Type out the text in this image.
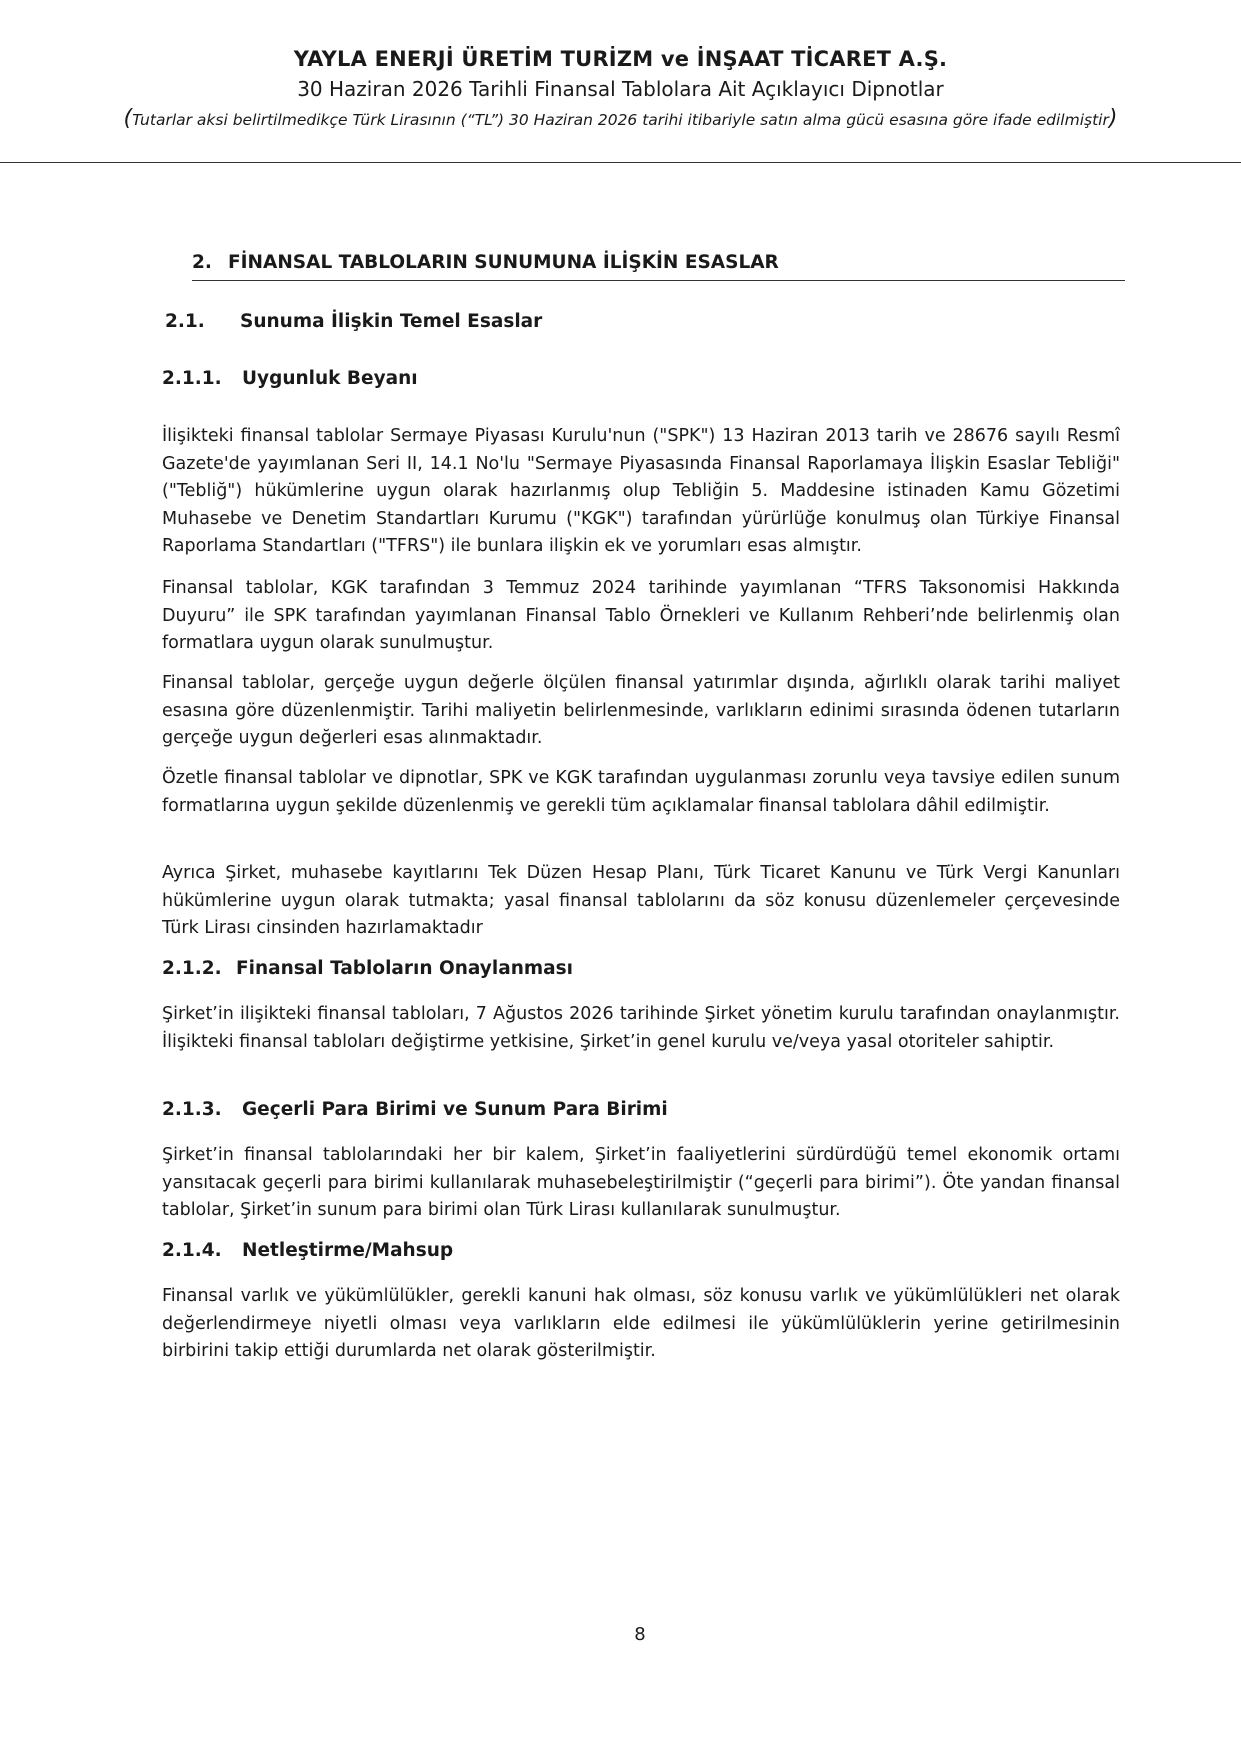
YAYLA ENERJİ ÜRETİM TURİZM ve İNŞAAT TİCARET A.Ş.
30 Haziran 2026 Tarihli Finansal Tablolara Ait Açıklayıcı Dipnotlar
(Tutarlar aksi belirtilmedikçe Türk Lirasının (“TL”) 30 Haziran 2026 tarihi itibariyle satın alma gücü esasına göre ifade edilmiştir)
2. FİNANSAL TABLOLARIN SUNUMUNA İLİŞKİN ESASLAR
2.1. Sunuma İlişkin Temel Esaslar
2.1.1. Uygunluk Beyanı

İlişikteki finansal tablolar Sermaye Piyasası Kurulu'nun ("SPK") 13 Haziran 2013 tarih ve 28676 sayılı Resmî Gazete'de yayımlanan Seri II, 14.1 No'lu "Sermaye Piyasasında Finansal Raporlamaya İlişkin Esaslar Tebliği" ("Tebliğ") hükümlerine uygun olarak hazırlanmış olup Tebliğin 5. Maddesine istinaden Kamu Gözetimi Muhasebe ve Denetim Standartları Kurumu ("KGK") tarafından yürürlüğe konulmuş olan Türkiye Finansal Raporlama Standartları ("TFRS") ile bunlara ilişkin ek ve yorumları esas almıştır.

Finansal tablolar, KGK tarafından 3 Temmuz 2024 tarihinde yayımlanan “TFRS Taksonomisi Hakkında Duyuru” ile SPK tarafından yayımlanan Finansal Tablo Örnekleri ve Kullanım Rehberi’nde belirlenmiş olan formatlara uygun olarak sunulmuştur.

Finansal tablolar, gerçeğe uygun değerle ölçülen finansal yatırımlar dışında, ağırlıklı olarak tarihi maliyet esasına göre düzenlenmiştir. Tarihi maliyetin belirlenmesinde, varlıkların edinimi sırasında ödenen tutarların gerçeğe uygun değerleri esas alınmaktadır.

Özetle finansal tablolar ve dipnotlar, SPK ve KGK tarafından uygulanması zorunlu veya tavsiye edilen sunum formatlarına uygun şekilde düzenlenmiş ve gerekli tüm açıklamalar finansal tablolara dâhil edilmiştir.

Ayrıca Şirket, muhasebe kayıtlarını Tek Düzen Hesap Planı, Türk Ticaret Kanunu ve Türk Vergi Kanunları hükümlerine uygun olarak tutmakta; yasal finansal tablolarını da söz konusu düzenlemeler çerçevesinde Türk Lirası cinsinden hazırlamaktadır

2.1.2. Finansal Tabloların Onaylanması

Şirket’in ilişikteki finansal tabloları, 7 Ağustos 2026 tarihinde Şirket yönetim kurulu tarafından onaylanmıştır. İlişikteki finansal tabloları değiştirme yetkisine, Şirket’in genel kurulu ve/veya yasal otoriteler sahiptir.

2.1.3. Geçerli Para Birimi ve Sunum Para Birimi

Şirket’in finansal tablolarındaki her bir kalem, Şirket’in faaliyetlerini sürdürdüğü temel ekonomik ortamı yansıtacak geçerli para birimi kullanılarak muhasebeleştirilmiştir (“geçerli para birimi”). Öte yandan finansal tablolar, Şirket’in sunum para birimi olan Türk Lirası kullanılarak sunulmuştur.

2.1.4. Netleştirme/Mahsup

Finansal varlık ve yükümlülükler, gerekli kanuni hak olması, söz konusu varlık ve yükümlülükleri net olarak değerlendirmeye niyetli olması veya varlıkların elde edilmesi ile yükümlülüklerin yerine getirilmesinin birbirini takip ettiği durumlarda net olarak gösterilmiştir.

8
